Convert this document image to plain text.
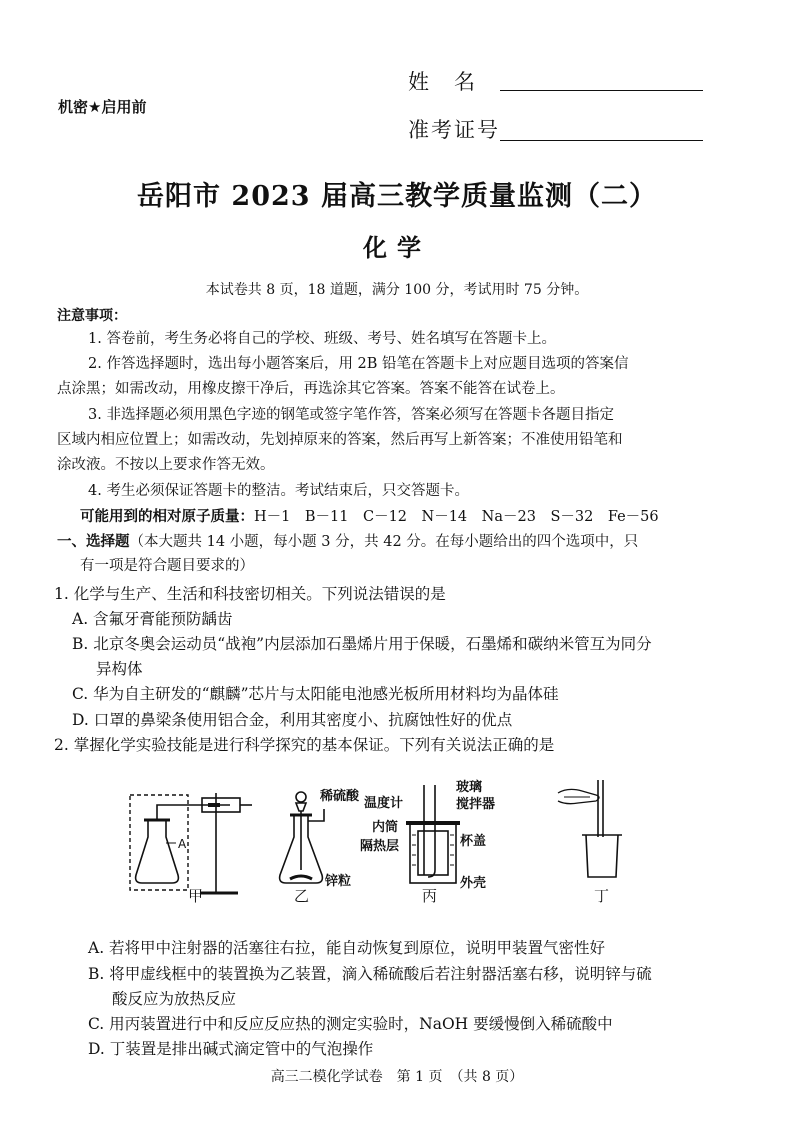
机密★启用前
姓　名
准考证号
岳阳市 2023 届高三教学质量监测（二）
化学
本试卷共 8 页，18 道题，满分 100 分，考试用时 75 分钟。
注意事项：
1. 答卷前，考生务必将自己的学校、班级、考号、姓名填写在答题卡上。
2. 作答选择题时，选出每小题答案后，用 2B 铅笔在答题卡上对应题目选项的答案信
点涂黑；如需改动，用橡皮擦干净后，再选涂其它答案。答案不能答在试卷上。
3. 非选择题必须用黑色字迹的钢笔或签字笔作答，答案必须写在答题卡各题目指定
区域内相应位置上；如需改动，先划掉原来的答案，然后再写上新答案；不准使用铅笔和
涂改液。不按以上要求作答无效。
4. 考生必须保证答题卡的整洁。考试结束后，只交答题卡。
可能用到的相对原子质量：H－1　B－11　C－12　N－14　Na－23　S－32　Fe－56
一、选择题（本大题共 14 小题，每小题 3 分，共 42 分。在每小题给出的四个选项中，只
有一项是符合题目要求的）
1. 化学与生产、生活和科技密切相关。下列说法错误的是
A. 含氟牙膏能预防龋齿
B. 北京冬奥会运动员“战袍”内层添加石墨烯片用于保暖，石墨烯和碳纳米管互为同分
异构体
C. 华为自主研发的“麒麟”芯片与太阳能电池感光板所用材料均为晶体硅
D. 口罩的鼻梁条使用铝合金，利用其密度小、抗腐蚀性好的优点
2. 掌握化学实验技能是进行科学探究的基本保证。下列有关说法正确的是
A
甲
稀硫酸
锌粒
乙
温度计
玻璃
搅拌器
内筒
隔热层	杯盖
外壳
丙	丁
A. 若将甲中注射器的活塞往右拉，能自动恢复到原位，说明甲装置气密性好
B. 将甲虚线框中的装置换为乙装置，滴入稀硫酸后若注射器活塞右移，说明锌与硫
酸反应为放热反应
C. 用丙装置进行中和反应反应热的测定实验时，NaOH 要缓慢倒入稀硫酸中
D. 丁装置是排出碱式滴定管中的气泡操作
高三二模化学试卷　第 1 页　（共 8 页）
